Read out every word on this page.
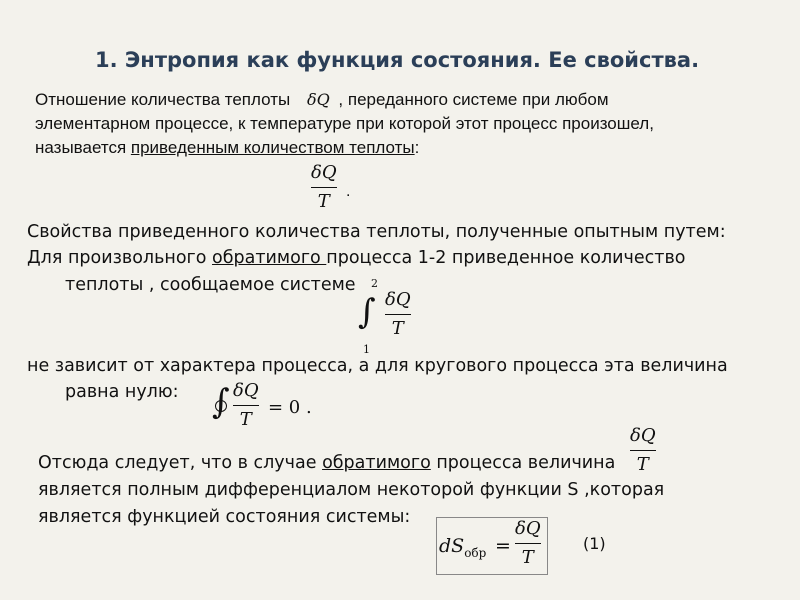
1. Энтропия как функция состояния. Ее свойства.
Отношение количества теплоты δQ , переданного системе при любом
элементарном процессе, к температуре при которой этот процесс произошел,
называется приведенным количеством теплоты:
δQ
T .
Свойства приведенного количества теплоты, полученные опытным путем:
Для произвольного обратимого процесса 1-2 приведенное количество
теплоты , сообщаемое системе
∫
2
1
δQ
T
не зависит от характера процесса, а для кругового процесса эта величина
равна нулю: ∫ δQ
T
= 0 .
Отсюда следует, что в случае обратимого процесса величина
δQ
T
является полным дифференциалом некоторой функции S ,которая
является функцией состояния системы:
$dS_{обр}$ =
δQ
T
(1)
